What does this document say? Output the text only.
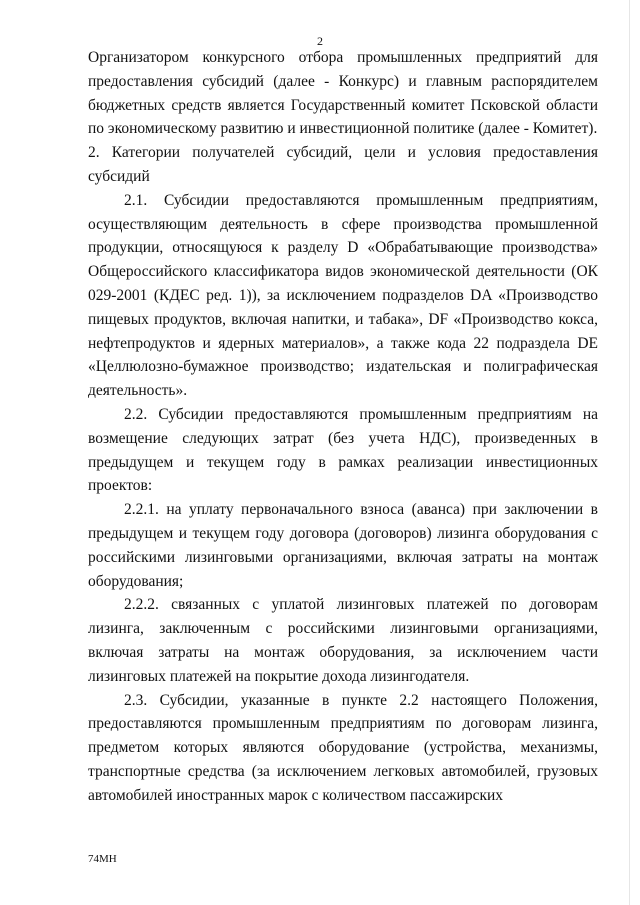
2

Организатором конкурсного отбора промышленных предприятий для предоставления субсидий (далее - Конкурс) и главным распорядителем бюджетных средств является Государственный комитет Псковской области по экономическому развитию и инвестиционной политике (далее - Комитет).

2. Категории получателей субсидий, цели и условия предоставления субсидий

2.1. Субсидии предоставляются промышленным предприятиям, осуществляющим деятельность в сфере производства промышленной продукции, относящуюся к разделу D «Обрабатывающие производства» Общероссийского классификатора видов экономической деятельности (ОК 029-2001 (КДЕС ред. 1)), за исключением подразделов DA «Производство пищевых продуктов, включая напитки, и табака», DF «Производство кокса, нефтепродуктов и ядерных материалов», а также кода 22 подраздела DE «Целлюлозно-бумажное производство; издательская и полиграфическая деятельность».

2.2. Субсидии предоставляются промышленным предприятиям на возмещение следующих затрат (без учета НДС), произведенных в предыдущем и текущем году в рамках реализации инвестиционных проектов:

2.2.1. на уплату первоначального взноса (аванса) при заключении в предыдущем и текущем году договора (договоров) лизинга оборудования с российскими лизинговыми организациями, включая затраты на монтаж оборудования;

2.2.2. связанных с уплатой лизинговых платежей по договорам лизинга, заключенным с российскими лизинговыми организациями, включая затраты на монтаж оборудования, за исключением части лизинговых платежей на покрытие дохода лизингодателя.

2.3. Субсидии, указанные в пункте 2.2 настоящего Положения, предоставляются промышленным предприятиям по договорам лизинга, предметом которых являются оборудование (устройства, механизмы, транспортные средства (за исключением легковых автомобилей, грузовых автомобилей иностранных марок с количеством пассажирских

74МН
